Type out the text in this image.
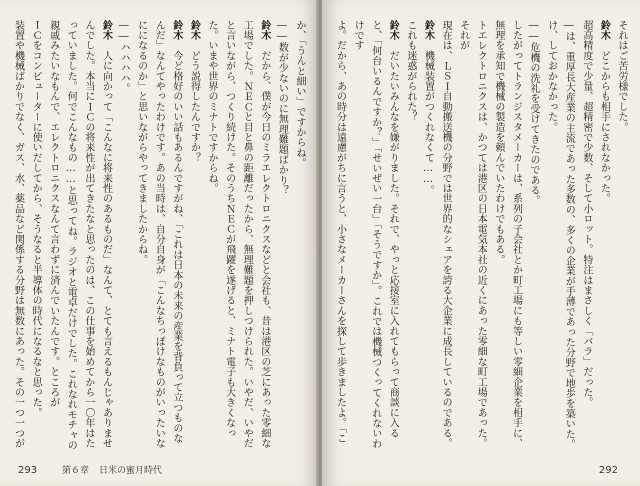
か、「うんと細い」ですからね。

――数が少ないのに無理難題ばかり？

鈴木　だから、僕が今日のミラエレクトロニクスなどと会社も、昔は港区の芝にあった零細な工場でした。ＮＥＣと目と鼻の距離だったから、無理難題を押しつけられた。いやだ、いやだと言いながら、つくり続けた。そのうちＮＥＣが飛躍を遂げると、ミナト電子も大きくなった。いまや世界のミナトですからね。

鈴木　どう説得したんですか？

鈴木　今ど格好のいい話もあるんですがね、「これは日本の未来の産業を背負って立つものなんだ」なんてやったわけです。あの当時は、自分自身が「こんなちっぽけなものがいったいなにになるのか」と思いながらやってきましたからね。

――ハハハハ。

鈴木　人に向かって「こんなに将来性のあるものだ」なんて、とても言えるもんじゃありませんでした。本当にＩＣの将来性が出てきたなと思ったのは、この仕事を始めてから一〇年はたっていました。何でこんなもの……と思ってね。ラジオと電卓だけでした。これなれモチャの親戚みたいなもんで、エレクトロニクスなんて言わずに済んでいたんです。ところが

ＩＣをコンピューターに使いだしてから、そうなると半導体の時代になるなと思った。

装置や機械ばかりでなく、ガス、水、薬品など関係する分野は無数にあった。その一つ一つが

293	第６章 日米の蜜月時代

それはご苦労様でした。

鈴木　どこからも相手にされなかった。

超高精度で少量、超精密で少数、そして小ロット。特注はまさしく「バラ」だった。

―は、重厚長大産業の主流であった多数の、多くの企業が手薄であった分野で地歩を築いた。

け、しておかなかった。

――危機の洗礼を受けてきたのである。

したがってトランジスタメーカーは、系列の子会社とか町工場にも等しい零細企業を相手に、無理を承知で機械の製造を頼んでいたわけでもある。

トエレクトロニクスは、かつては港区の日本電気本社の近くにあった零細な町工場であった。それが

現在は、ＬＳＩ自動搬送機の分野では世界的なシェアを誇る大企業に成長しているのである。

鈴木　機械装置がつくれなくて……。

これも迷惑がられた？

鈴木　だいたいみんなを嫌がりました。それで、やっと応接室に入れてもらって商談に入ると、「何台いるんですか？」「せいぜい一台」「そうですか」。これでは機械つくってくれないわけです

よ。だから、あの時分は遠慮がちに言うと、小さなメーカーさんを探して歩きましたよ。「こ

292
